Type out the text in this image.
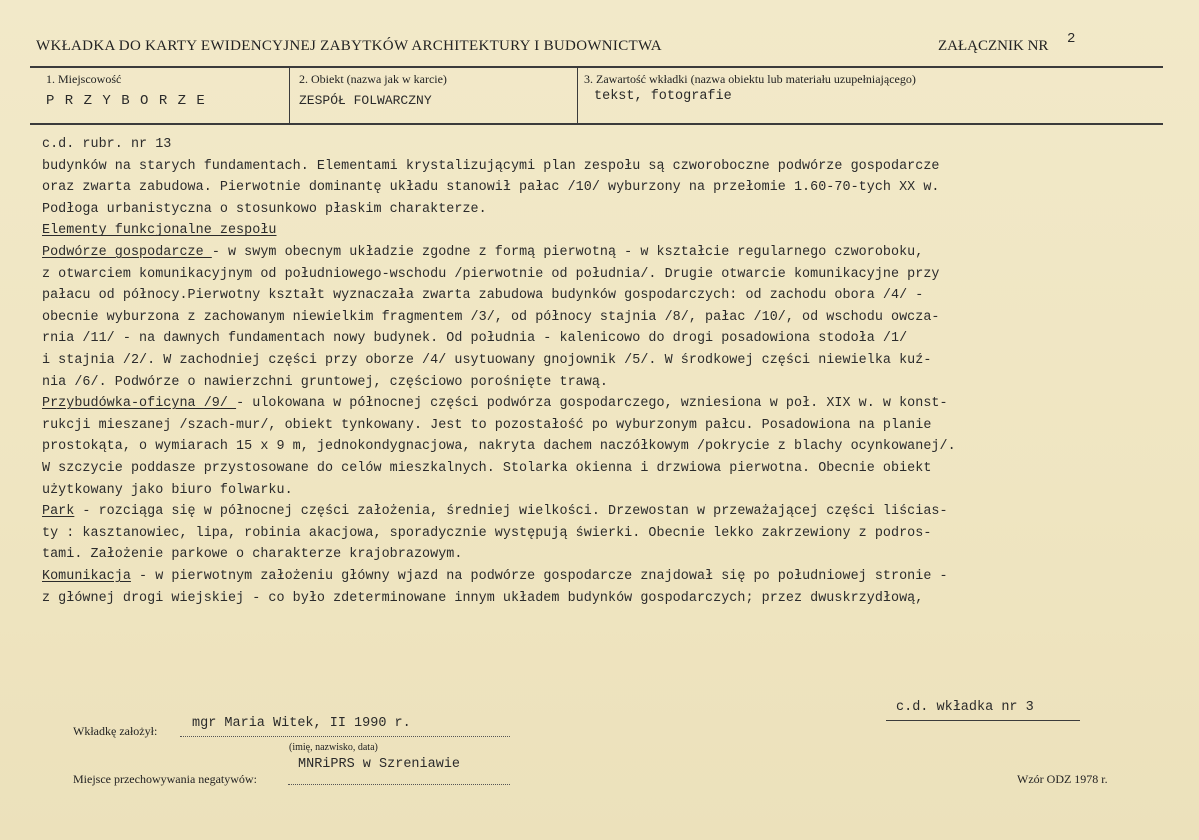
WKŁADKA DO KARTY EWIDENCYJNEJ ZABYTKÓW ARCHITEKTURY I BUDOWNICTWA	ZAŁĄCZNIK NR 2
1. Miejscowość
P R Z Y B O R Z E
2. Obiekt (nazwa jak w karcie)
ZESPÓŁ FOLWARCZNY
3. Zawartość wkładki (nazwa obiektu lub materiału uzupełniającego)
tekst, fotografie
c.d. rubr. nr 13
budynków na starych fundamentach. Elementami krystalizującymi plan zespołu są czworoboczne podwórze gospodarcze
oraz zwarta zabudowa. Pierwotnie dominantę układu stanowił pałac /10/ wyburzony na przełomie 1.60-70-tych XX w.
Podłoga urbanistyczna o stosunkowo płaskim charakterze.
Elementy funkcjonalne zespołu
Podwórze gospodarcze - w swym obecnym układzie zgodne z formą pierwotną - w kształcie regularnego czworoboku,
z otwarciem komunikacyjnym od południowego-wschodu /pierwotnie od południa/. Drugie otwarcie komunikacyjne przy
pałacu od północy.Pierwotny kształt wyznaczała zwarta zabudowa budynków gospodarczych: od zachodu obora /4/ -
obecnie wyburzona z zachowanym niewielkim fragmentem /3/, od północy stajnia /8/, pałac /10/, od wschodu owcza-
rnia /11/ - na dawnych fundamentach nowy budynek. Od południa - kalenicowo do drogi posadowiona stodoła /1/
i stajnia /2/. W zachodniej części przy oborze /4/ usytuowany gnojownik /5/. W środkowej części niewielka kuź-
nia /6/. Podwórze o nawierzchni gruntowej, częściowo porośnięte trawą.
Przybudówka-oficyna /9/ - ulokowana w północnej części podwórza gospodarczego, wzniesiona w poł. XIX w. w konst-
rukcji mieszanej /szach-mur/, obiekt tynkowany. Jest to pozostałość po wyburzonym pałcu. Posadowiona na planie
prostokąta, o wymiarach 15 x 9 m, jednokondygnacjowa, nakryta dachem naczółkowym /pokrycie z blachy ocynkowanej/.
W szczycie poddasze przystosowane do celów mieszkalnych. Stolarka okienna i drzwiowa pierwotna. Obecnie obiekt
użytkowany jako biuro folwarku.
Park - rozciąga się w północnej części założenia, średniej wielkości. Drzewostan w przeważającej części liścias-
ty : kasztanowiec, lipa, robinia akacjowa, sporadycznie występują świerki. Obecnie lekko zakrzewiony z podros-
tami. Założenie parkowe o charakterze krajobrazowym.
Komunikacja - w pierwotnym założeniu główny wjazd na podwórze gospodarcze znajdował się po południowej stronie -
z głównej drogi wiejskiej - co było zdeterminowane innym układem budynków gospodarczych; przez dwuskrzydłową,
c.d. wkładka nr 3
Wkładkę założył:	mgr Maria Witek, II 1990 r.
(imię, nazwisko, data)
Miejsce przechowywania negatywów:
MNRiPRS w Szreniawie
Wzór ODZ 1978 r.
